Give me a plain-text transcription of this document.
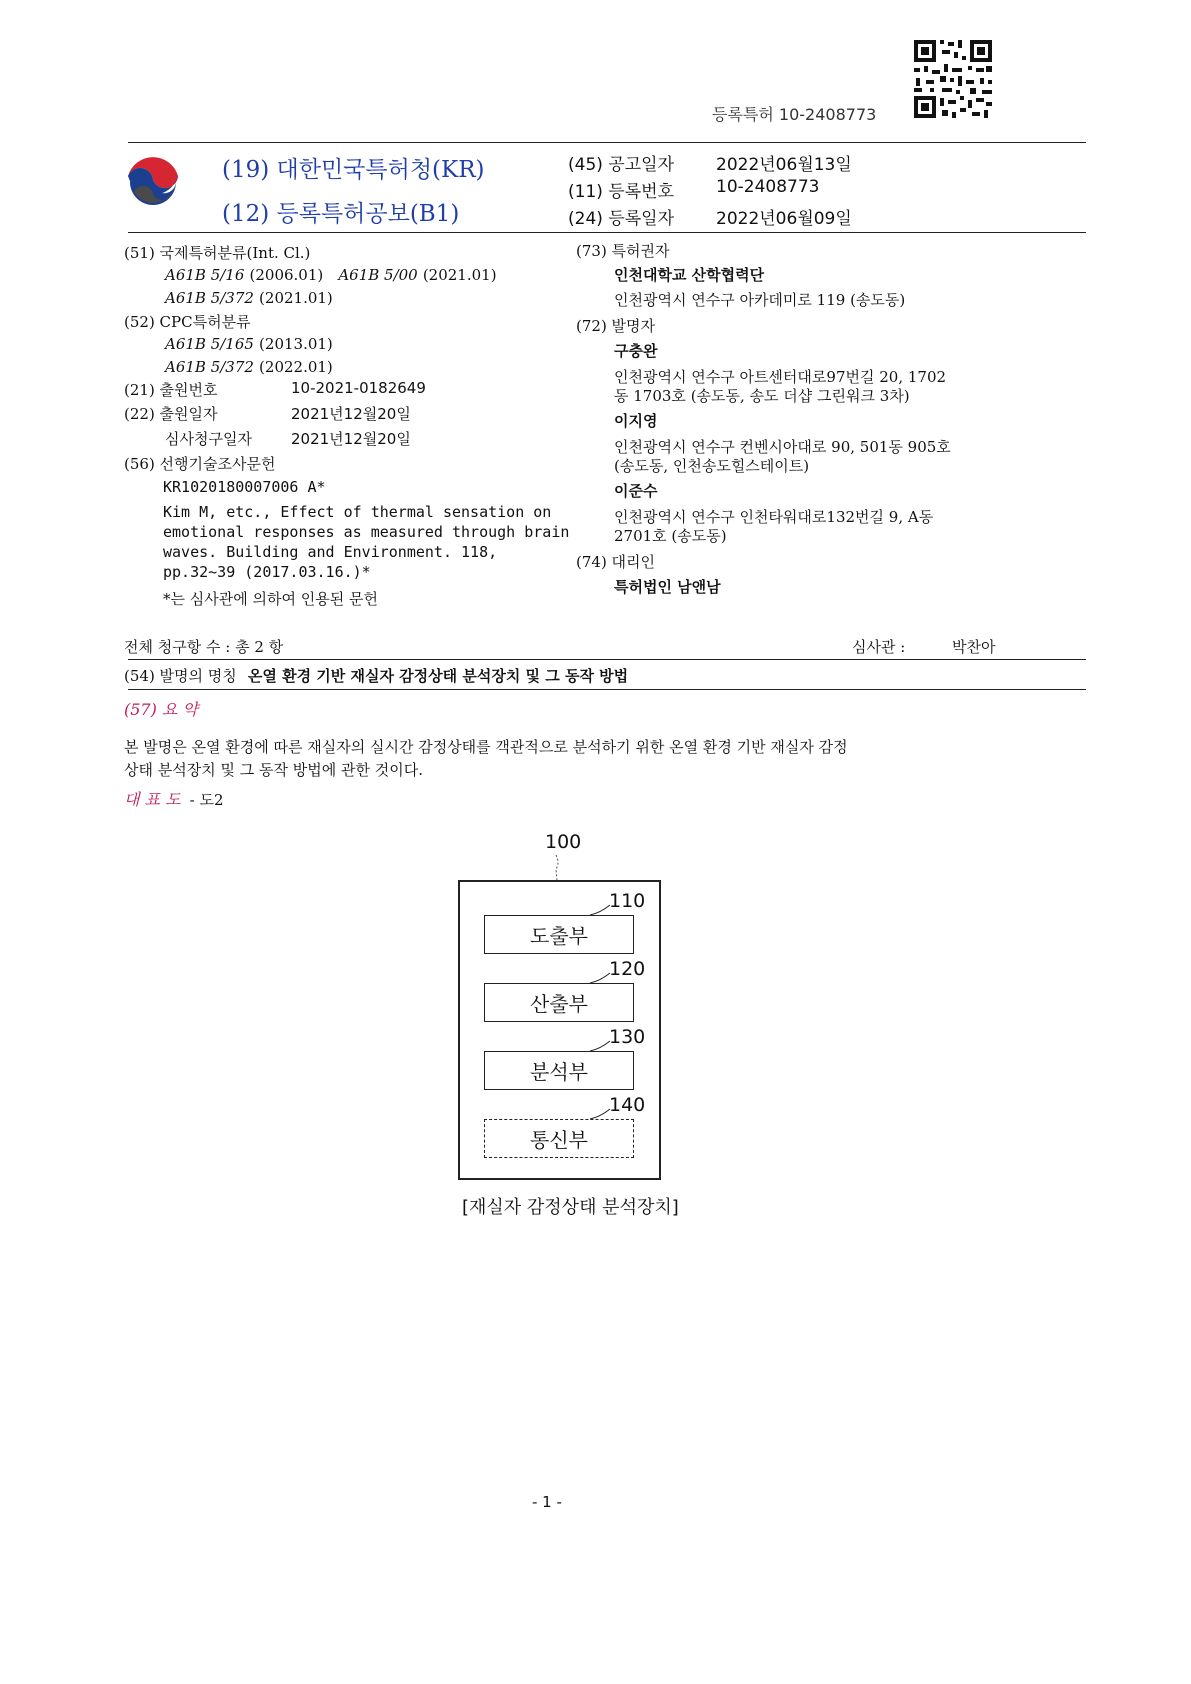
등록특허 10-2408773
(19) 대한민국특허청(KR)
(12) 등록특허공보(B1)
(45) 공고일자 2022년06월13일
(11) 등록번호 10-2408773
(24) 등록일자 2022년06월09일
(51) 국제특허분류(Int. Cl.)
A61B 5/16 (2006.01) A61B 5/00 (2021.01)
A61B 5/372 (2021.01)
(52) CPC특허분류
A61B 5/165 (2013.01)
A61B 5/372 (2022.01)
(21) 출원번호	10-2021-0182649
(22) 출원일자	2021년12월20일
심사청구일자	2021년12월20일
(56) 선행기술조사문헌
KR1020180007006 A*
Kim M, etc., Effect of thermal sensation on
emotional responses as measured through brain
waves. Building and Environment. 118,
pp.32~39 (2017.03.16.)*
*는 심사관에 의하여 인용된 문헌
(73) 특허권자
인천대학교 산학협력단
인천광역시 연수구 아카데미로 119 (송도동)
(72) 발명자
구충완
인천광역시 연수구 아트센터대로97번길 20, 1702
동 1703호 (송도동, 송도 더샵 그린워크 3차)
이지영
인천광역시 연수구 컨벤시아대로 90, 501동 905호
(송도동, 인천송도힐스테이트)
이준수
인천광역시 연수구 인천타워대로132번길 9, A동
2701호 (송도동)
(74) 대리인
특허법인 남앤남
전체 청구항 수 : 총 2 항	심사관 :	박찬아
(54) 발명의 명칭 온열 환경 기반 재실자 감정상태 분석장치 및 그 동작 방법
(57) 요 약
본 발명은 온열 환경에 따른 재실자의 실시간 감정상태를 객관적으로 분석하기 위한 온열 환경 기반 재실자 감정
상태 분석장치 및 그 동작 방법에 관한 것이다.
대 표 도 - 도2
100
110
도출부
120
산출부
130
분석부
140
통신부
[재실자 감정상태 분석장치]
- 1 -
